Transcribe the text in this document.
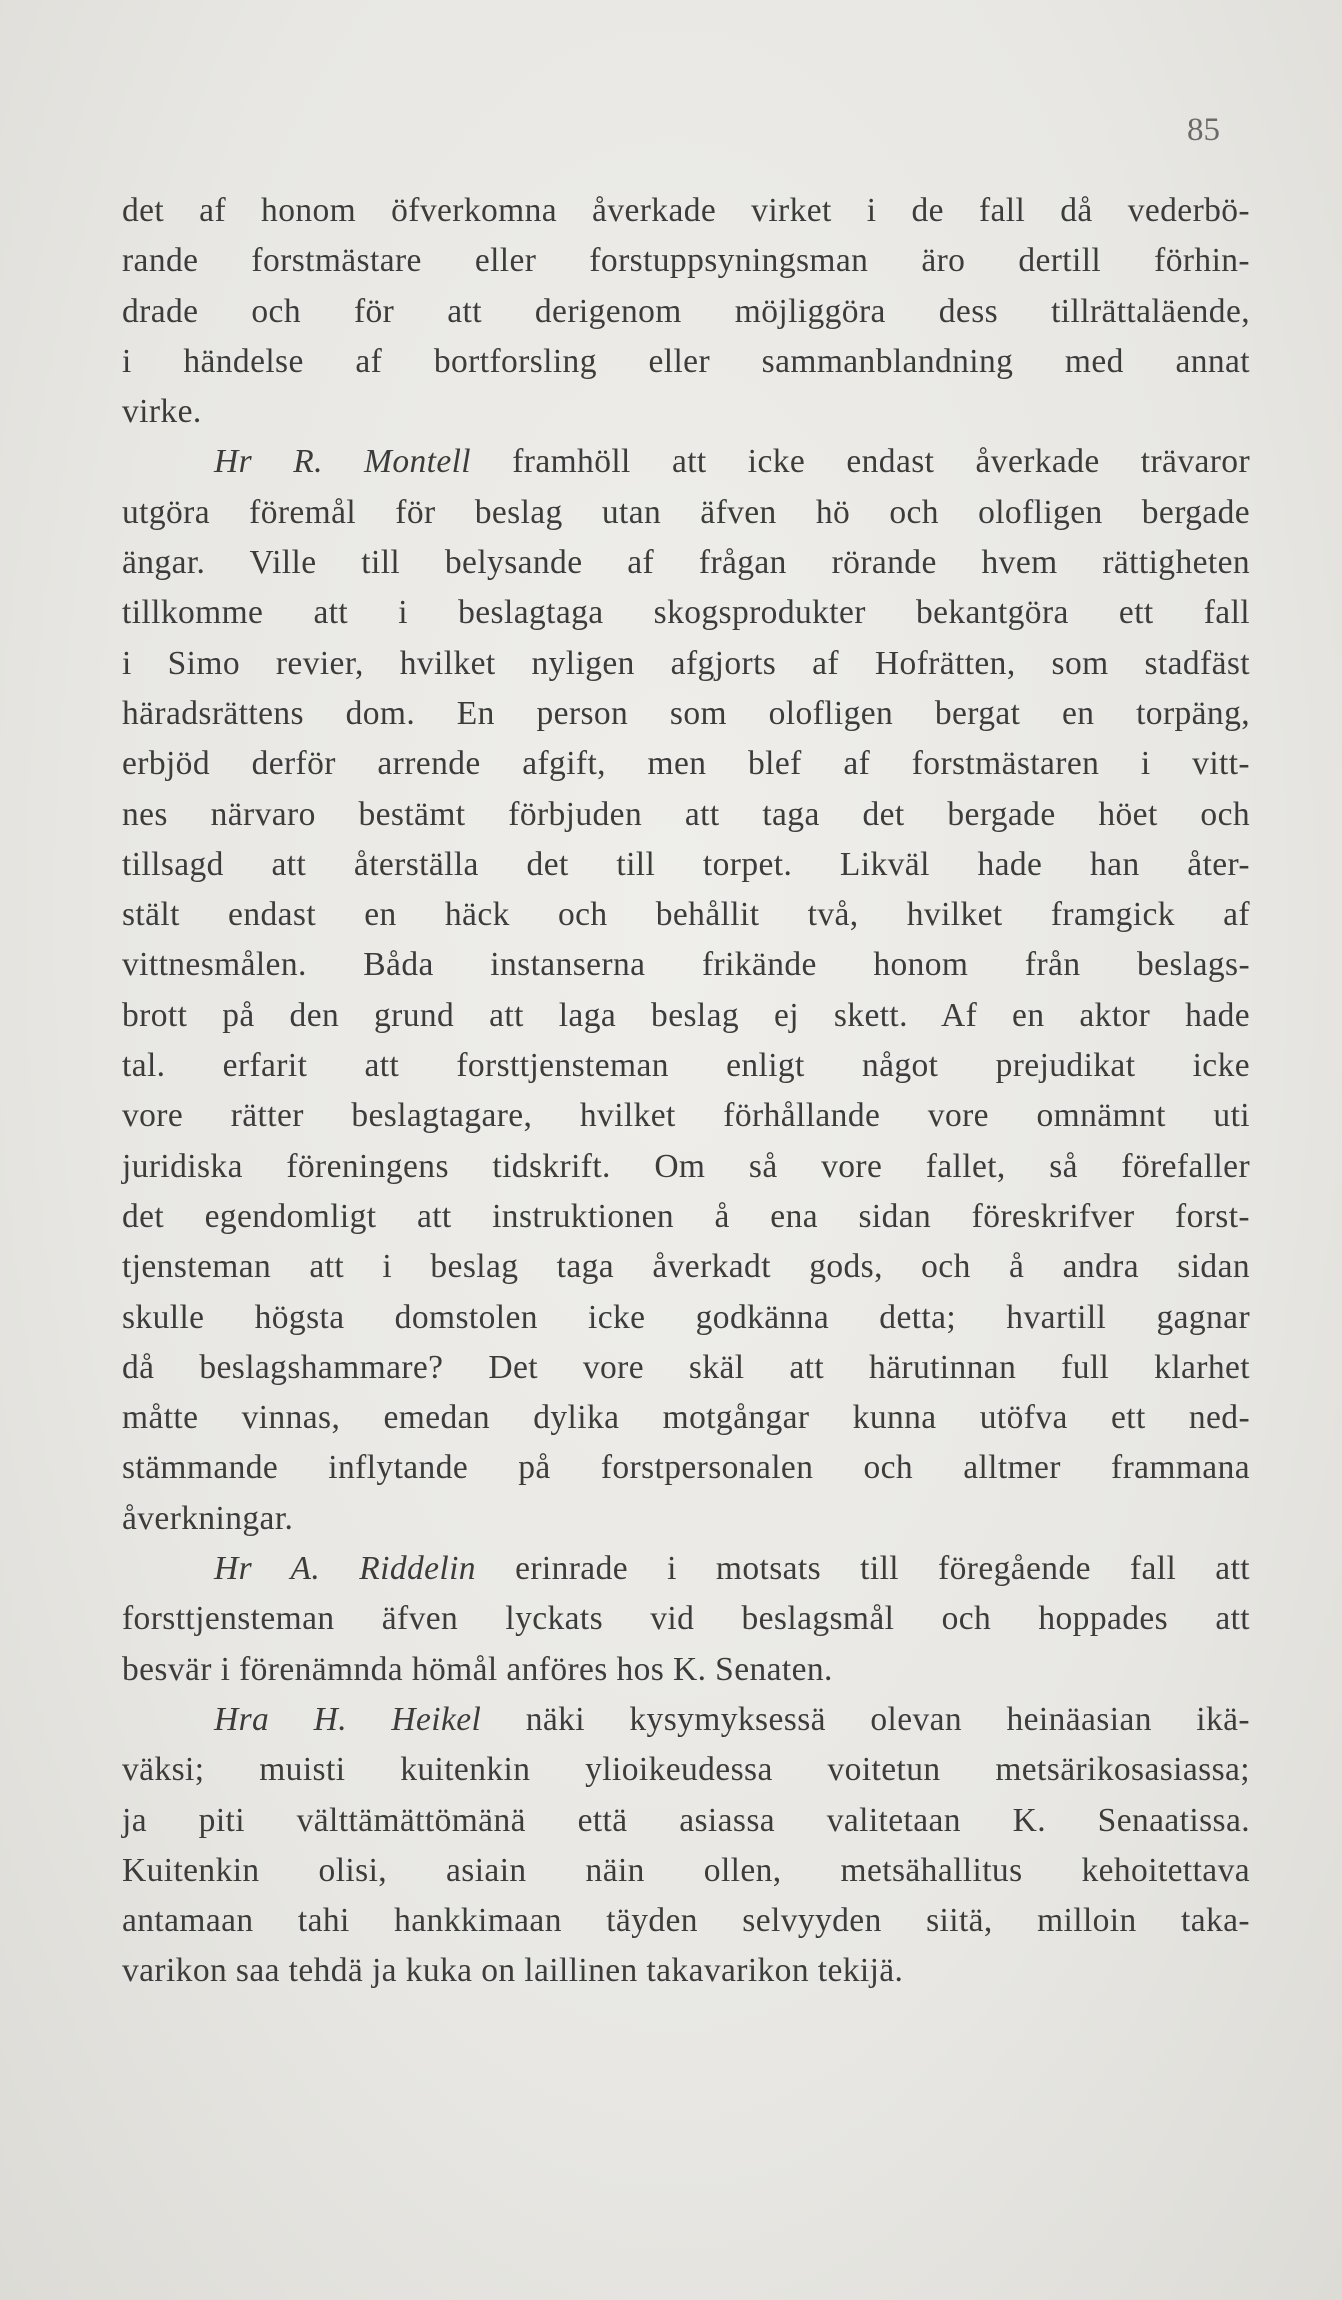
85

det af honom öfverkomna åverkade virket i de fall då vederbö-
rande forstmästare eller forstuppsyningsman äro dertill förhin-
drade och för att derigenom möjliggöra dess tillrättaläende,
i händelse af bortforsling eller sammanblandning med annat
virke.

Hr R. Montell framhöll att icke endast åverkade trävaror
utgöra föremål för beslag utan äfven hö och olofligen bergade
ängar. Ville till belysande af frågan rörande hvem rättigheten
tillkomme att i beslagtaga skogsprodukter bekantgöra ett fall
i Simo revier, hvilket nyligen afgjorts af Hofrätten, som stadfäst
häradsrättens dom. En person som olofligen bergat en torpäng,
erbjöd derför arrende afgift, men blef af forstmästaren i vitt-
nes närvaro bestämt förbjuden att taga det bergade höet och
tillsagd att återställa det till torpet. Likväl hade han åter-
stält endast en häck och behållit två, hvilket framgick af
vittnesmålen. Båda instanserna frikände honom från beslags-
brott på den grund att laga beslag ej skett. Af en aktor hade
tal. erfarit att forsttjensteman enligt något prejudikat icke
vore rätter beslagtagare, hvilket förhållande vore omnämnt uti
juridiska föreningens tidskrift. Om så vore fallet, så förefaller
det egendomligt att instruktionen å ena sidan föreskrifver forst-
tjensteman att i beslag taga åverkadt gods, och å andra sidan
skulle högsta domstolen icke godkänna detta; hvartill gagnar
då beslagshammare? Det vore skäl att härutinnan full klarhet
måtte vinnas, emedan dylika motgångar kunna utöfva ett ned-
stämmande inflytande på forstpersonalen och alltmer frammana
åverkningar.

Hr A. Riddelin erinrade i motsats till föregående fall att
forsttjensteman äfven lyckats vid beslagsmål och hoppades att
besvär i förenämnda hömål anföres hos K. Senaten.

Hra H. Heikel näki kysymyksessä olevan heinäasian ikä-
väksi; muisti kuitenkin ylioikeudessa voitetun metsärikosasiassa;
ja piti välttämättömänä että asiassa valitetaan K. Senaatissa.
Kuitenkin olisi, asiain näin ollen, metsähallitus kehoitettava
antamaan tahi hankkimaan täyden selvyyden siitä, milloin taka-
varikon saa tehdä ja kuka on laillinen takavarikon tekijä.
